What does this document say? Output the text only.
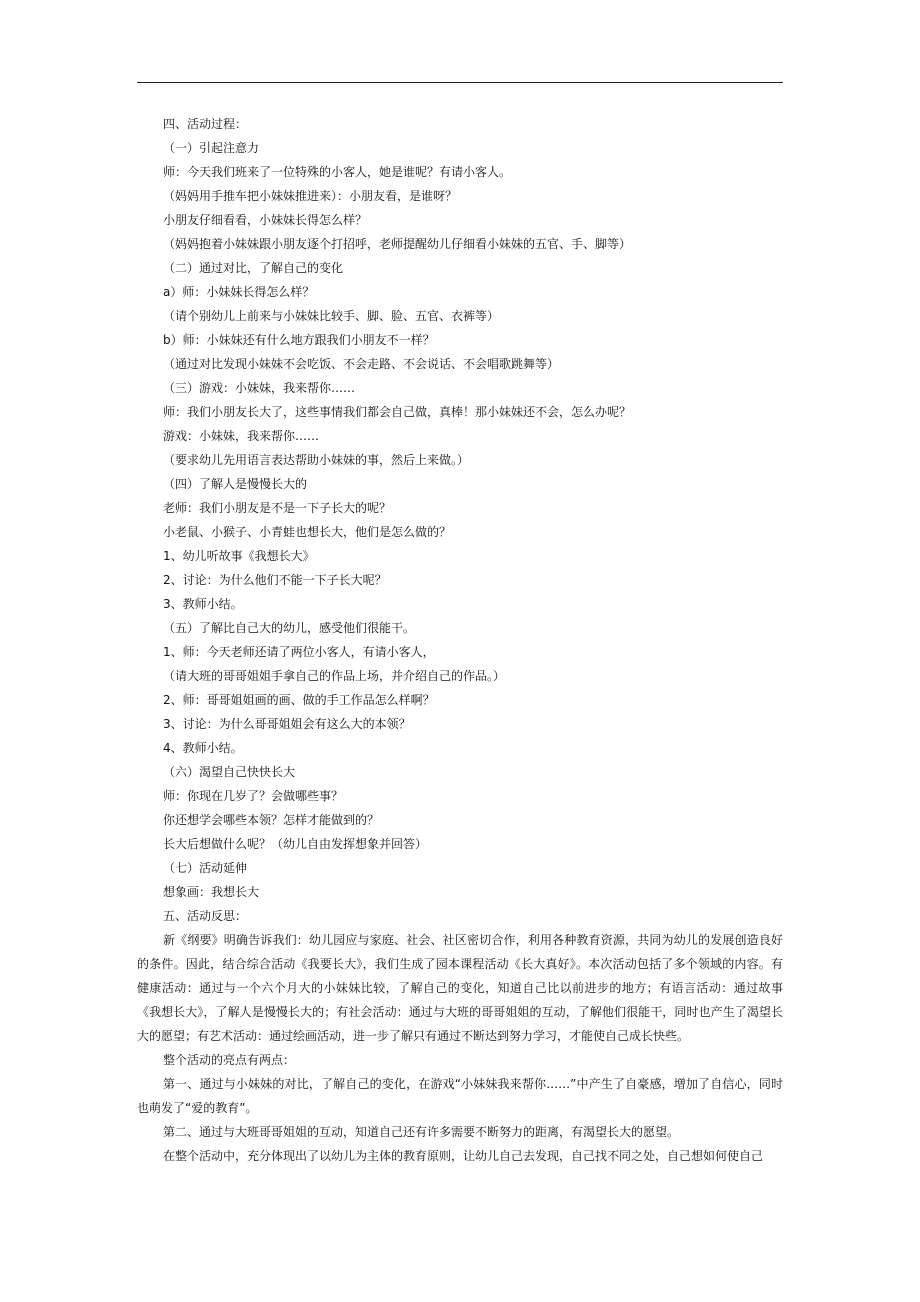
四、活动过程：
（一）引起注意力
师：今天我们班来了一位特殊的小客人，她是谁呢？有请小客人。
（妈妈用手推车把小妹妹推进来）：小朋友看，是谁呀？
小朋友仔细看看，小妹妹长得怎么样？
（妈妈抱着小妹妹跟小朋友逐个打招呼，老师提醒幼儿仔细看小妹妹的五官、手、脚等）
（二）通过对比，了解自己的变化
a）师：小妹妹长得怎么样？
（请个别幼儿上前来与小妹妹比较手、脚、脸、五官、衣裤等）
b）师：小妹妹还有什么地方跟我们小朋友不一样？
（通过对比发现小妹妹不会吃饭、不会走路、不会说话、不会唱歌跳舞等）
（三）游戏：小妹妹，我来帮你……
师：我们小朋友长大了，这些事情我们都会自己做，真棒！那小妹妹还不会，怎么办呢？
游戏：小妹妹，我来帮你……
（要求幼儿先用语言表达帮助小妹妹的事，然后上来做。）
（四）了解人是慢慢长大的
老师：我们小朋友是不是一下子长大的呢？
小老鼠、小猴子、小青蛙也想长大，他们是怎么做的？
1、幼儿听故事《我想长大》
2、讨论：为什么他们不能一下子长大呢？
3、教师小结。
（五）了解比自己大的幼儿，感受他们很能干。
1、师：今天老师还请了两位小客人，有请小客人，
（请大班的哥哥姐姐手拿自己的作品上场，并介绍自己的作品。）
2、师：哥哥姐姐画的画、做的手工作品怎么样啊？
3、讨论：为什么哥哥姐姐会有这么大的本领？
4、教师小结。
（六）渴望自己快快长大
师：你现在几岁了？会做哪些事？
你还想学会哪些本领？怎样才能做到的？
长大后想做什么呢？（幼儿自由发挥想象并回答）
（七）活动延伸
想象画：我想长大
五、活动反思：
新《纲要》明确告诉我们：幼儿园应与家庭、社会、社区密切合作，利用各种教育资源，共同为幼儿的发展创造良好的条件。因此，结合综合活动《我要长大》，我们生成了园本课程活动《长大真好》。本次活动包括了多个领域的内容。有健康活动：通过与一个六个月大的小妹妹比较，了解自己的变化，知道自己比以前进步的地方；有语言活动：通过故事《我想长大》，了解人是慢慢长大的；有社会活动：通过与大班的哥哥姐姐的互动，了解他们很能干，同时也产生了渴望长大的愿望；有艺术活动：通过绘画活动，进一步了解只有通过不断达到努力学习，才能使自己成长快些。
整个活动的亮点有两点：
第一、通过与小妹妹的对比，了解自己的变化，在游戏“小妹妹我来帮你……”中产生了自豪感，增加了自信心，同时也萌发了“爱的教育”。
第二、通过与大班哥哥姐姐的互动，知道自己还有许多需要不断努力的距离，有渴望长大的愿望。
在整个活动中，充分体现出了以幼儿为主体的教育原则，让幼儿自己去发现，自己找不同之处，自己想如何使自己
